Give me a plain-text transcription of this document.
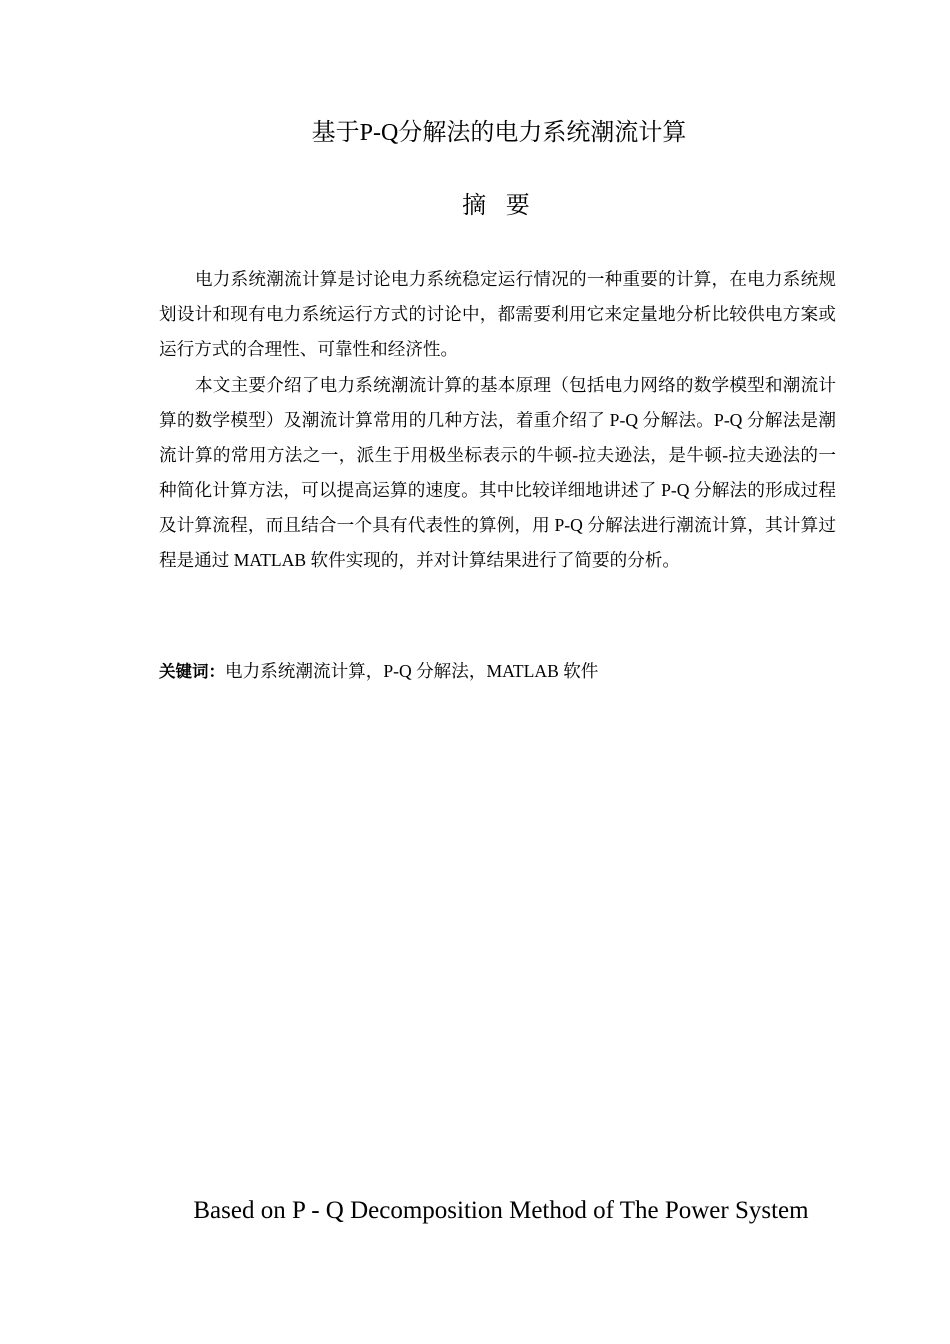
基于P-Q分解法的电力系统潮流计算
摘 要

电力系统潮流计算是讨论电力系统稳定运行情况的一种重要的计算，在电力系统规划设计和现有电力系统运行方式的讨论中，都需要利用它来定量地分析比较供电方案或运行方式的合理性、可靠性和经济性。

本文主要介绍了电力系统潮流计算的基本原理（包括电力网络的数学模型和潮流计算的数学模型）及潮流计算常用的几种方法，着重介绍了 P-Q 分解法。P-Q 分解法是潮流计算的常用方法之一，派生于用极坐标表示的牛顿-拉夫逊法，是牛顿-拉夫逊法的一种简化计算方法，可以提高运算的速度。其中比较详细地讲述了 P-Q 分解法的形成过程及计算流程，而且结合一个具有代表性的算例，用 P-Q 分解法进行潮流计算，其计算过程是通过 MATLAB 软件实现的，并对计算结果进行了简要的分析。

关键词：电力系统潮流计算，P-Q 分解法，MATLAB 软件
Based on P - Q Decomposition Method of The Power System
